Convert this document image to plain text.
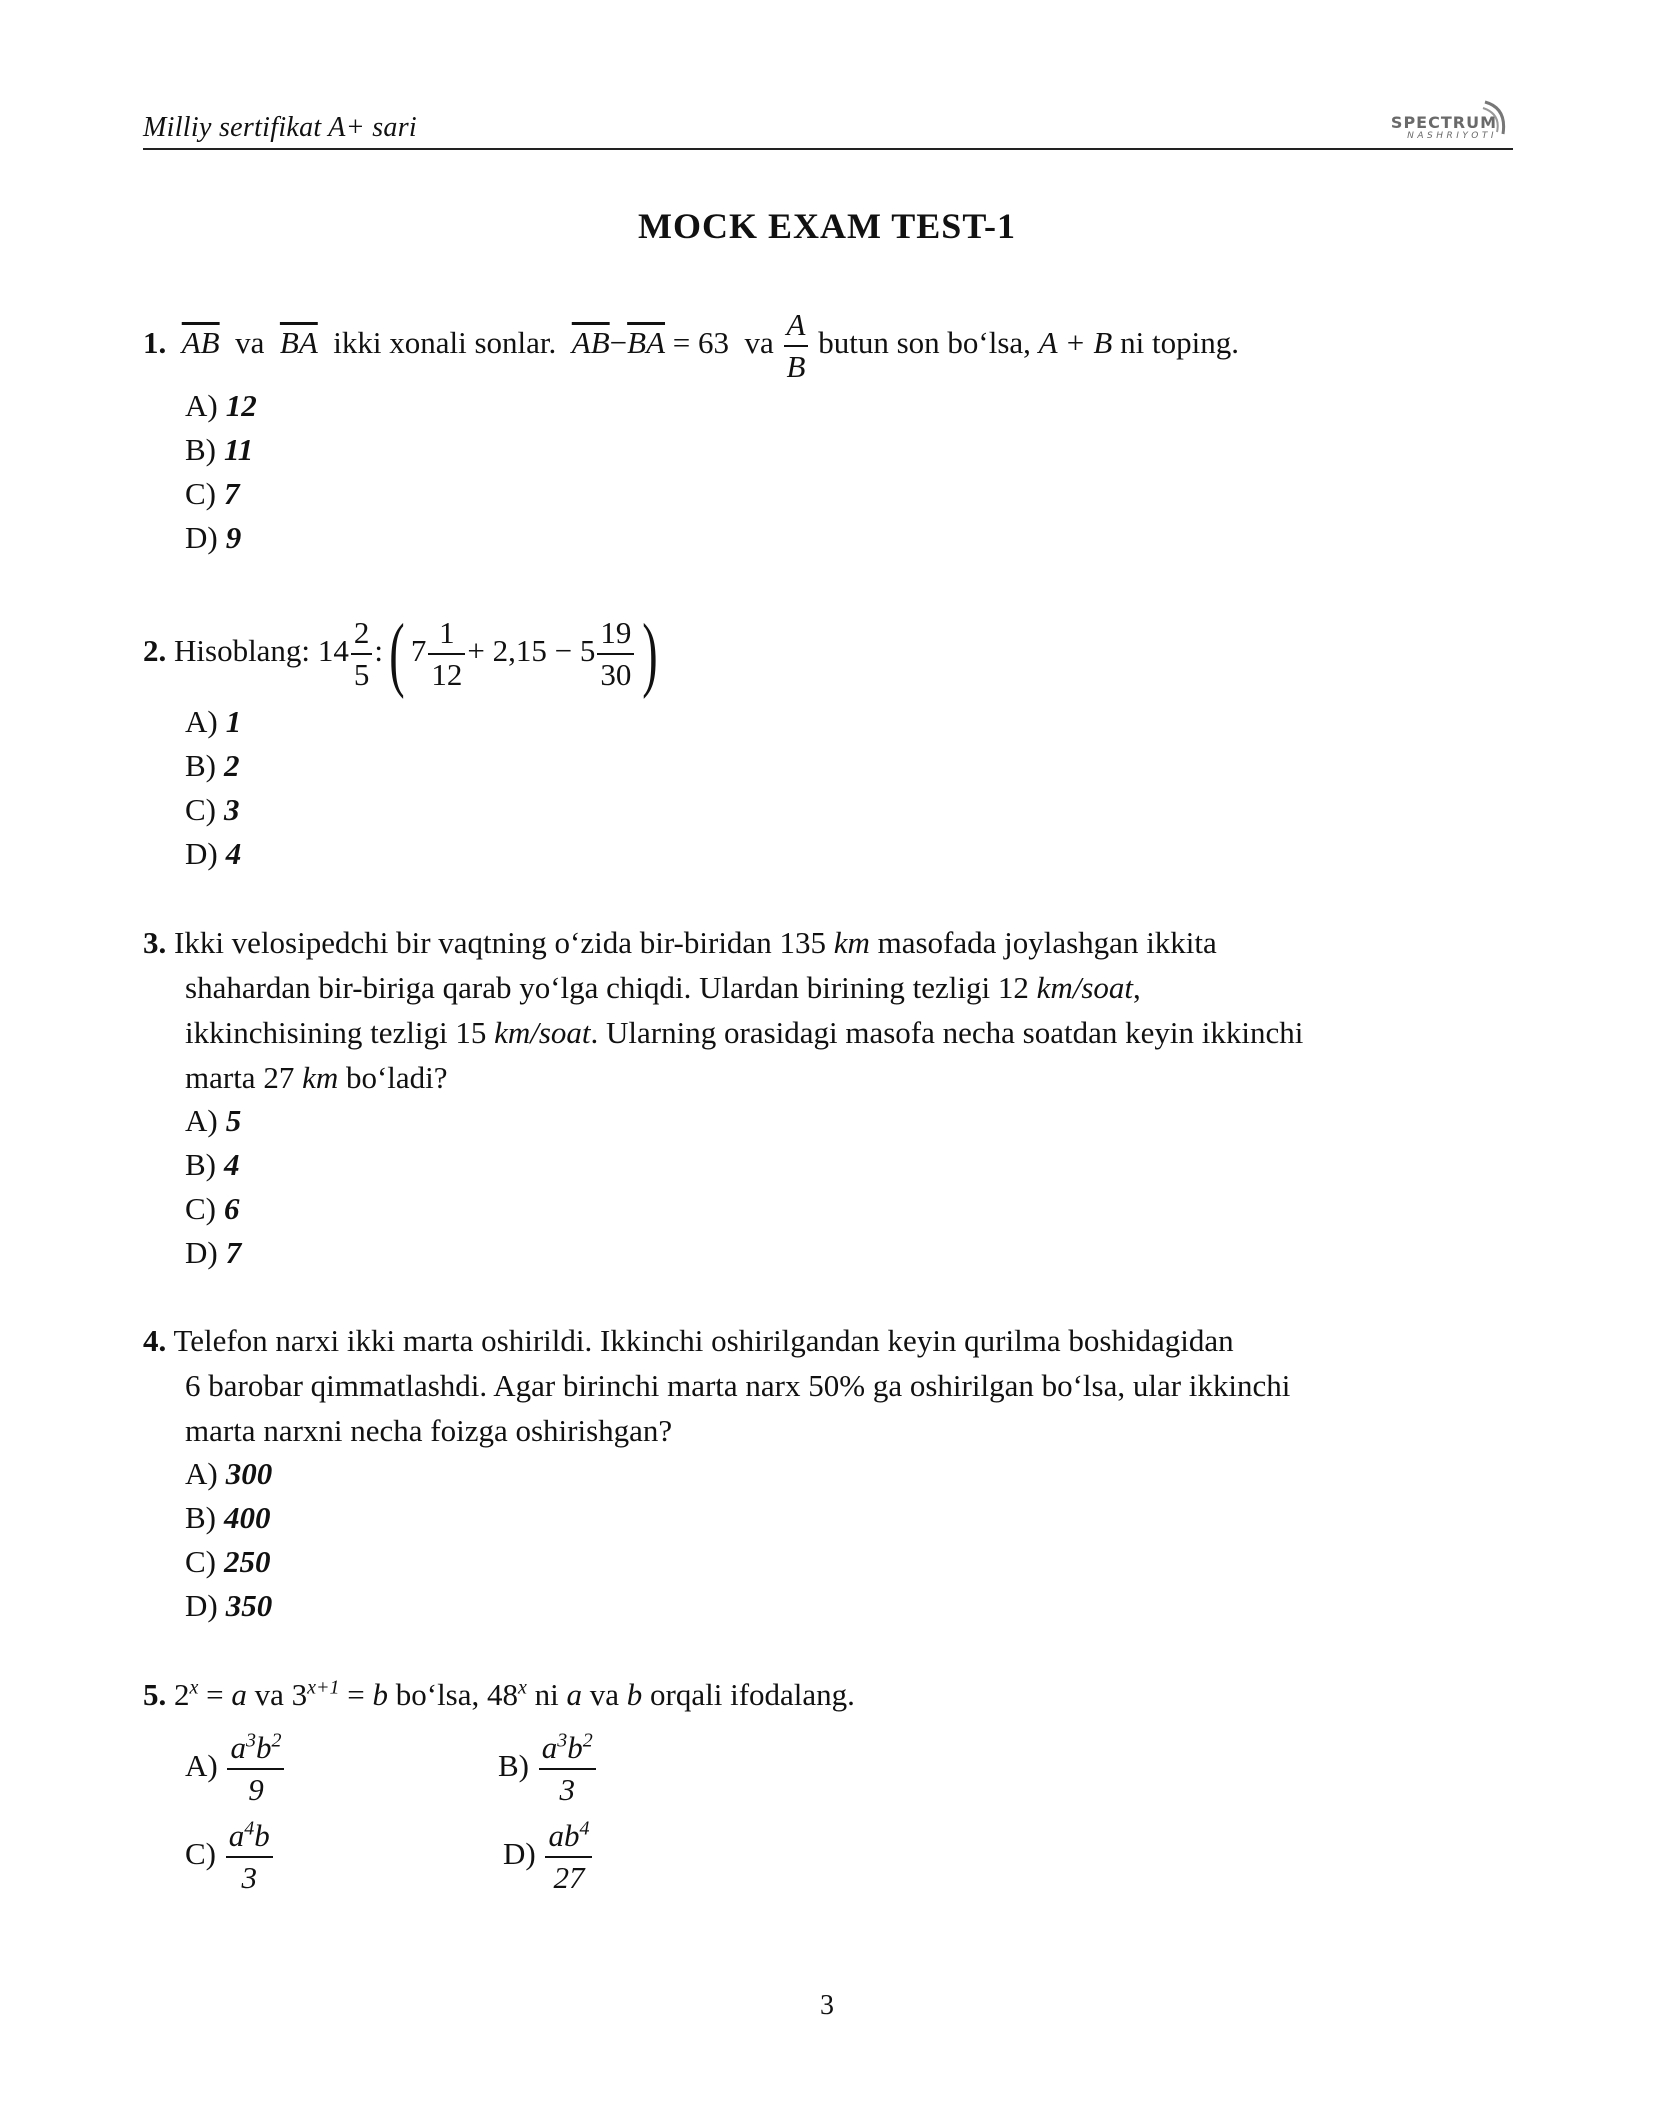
Milliy sertifikat A+ sari	SPECTRUM
NASHRIYOTI
MOCK EXAM TEST-1
1. $\overline{AB}$ va $\overline{BA}$ ikki xonali sonlar. $\overline{AB}-\overline{BA} = 63$ va $\frac{A}{B}$ butun son bo‘lsa, A + B ni toping.
A) 12
B) 11
C) 7
D) 9
2. Hisoblang: $14 \frac{2}{5}$ :( $7 \frac{1}{12} + 2,15 - 5 \frac{19}{30}$ )
A) 1
B) 2
C) 3
D) 4
3. Ikki velosipedchi bir vaqtning o‘zida bir-biridan 135 km masofada joylashgan ikkita
shahardan bir-biriga qarab yo‘lga chiqdi. Ulardan birining tezligi 12 km/soat,
ikkinchisining tezligi 15 km/soat. Ularning orasidagi masofa necha soatdan keyin ikkinchi
marta 27 km bo‘ladi?
A) 5
B) 4
C) 6
D) 7
4. Telefon narxi ikki marta oshirildi. Ikkinchi oshirilgandan keyin qurilma boshidagidan
6 barobar qimmatlashdi. Agar birinchi marta narx 50% ga oshirilgan bo‘lsa, ular ikkinchi
marta narxni necha foizga oshirishgan?
A) 300
B) 400
C) 250
D) 350
5. $2^x = a$ va $3^{x+1} = b$ bo‘lsa, 48$^x$ ni a va b orqali ifodalang.
$A) \frac{a^3b^2}{9}$	$B) \frac{a^3b^2}{3}$
$C) \frac{a^4b}{3}$	$D) \frac{ab^4}{27}$
3
